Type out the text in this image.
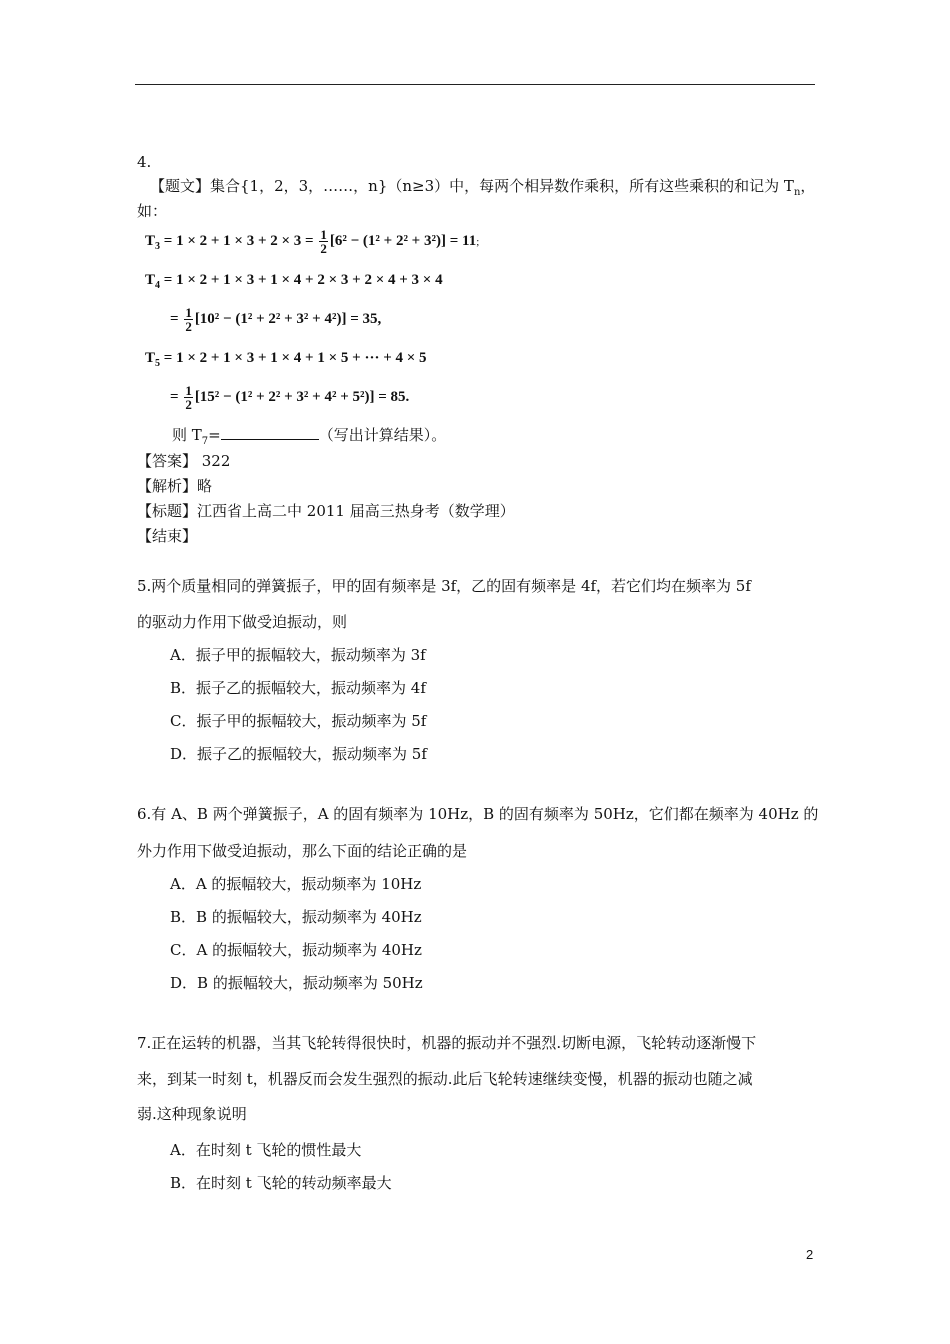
4.
【题文】集合{1，2，3，……，n}（n≥3）中，每两个相异数作乘积，所有这些乘积的和记为 $T_n$，
如：
$T_3 = 1 \times 2 + 1 \times 3 + 2 \times 3 = \frac{1}{2} [6^2 - (1^2 + 2^2 + 3^2)] = 11$;
$T_4 = 1 \times 2 + 1 \times 3 + 1 \times 4 + 2 \times 3 + 2 \times 4 + 3 \times 4$
= $\frac{1}{2} [10^2 - (1^2 + 2^2 + 3^2 + 4^2)] = 35$,
$T_5 = 1 \times 2 + 1 \times 3 + 1 \times 4 + 1 \times 5$ + ··· + 4 × 5
= $\frac{1}{2} [15^2 - (1^2 + 2^2 + 3^2 + 4^2 + 5^2)] = 85$.
则 $T_7=$	（写出计算结果）。
【答案】 322
【解析】略
【标题】江西省上高二中 2011 届高三热身考（数学理）
【结束】
5.两个质量相同的弹簧振子，甲的固有频率是 3f，乙的固有频率是 4f，若它们均在频率为 5f
的驱动力作用下做受迫振动，则
A．振子甲的振幅较大，振动频率为 3f
B．振子乙的振幅较大，振动频率为 4f
C．振子甲的振幅较大，振动频率为 5f
D．振子乙的振幅较大，振动频率为 5f
6.有 A、B 两个弹簧振子，A 的固有频率为 10Hz，B 的固有频率为 50Hz，它们都在频率为 40Hz 的
外力作用下做受迫振动，那么下面的结论正确的是
A．A 的振幅较大，振动频率为 10Hz
B．B 的振幅较大，振动频率为 40Hz
C．A 的振幅较大，振动频率为 40Hz
D．B 的振幅较大，振动频率为 50Hz
7.正在运转的机器，当其飞轮转得很快时，机器的振动并不强烈.切断电源，飞轮转动逐渐慢下
来，到某一时刻 t，机器反而会发生强烈的振动.此后飞轮转速继续变慢，机器的振动也随之减
弱.这种现象说明
A．在时刻 t 飞轮的惯性最大
B．在时刻 t 飞轮的转动频率最大
2
